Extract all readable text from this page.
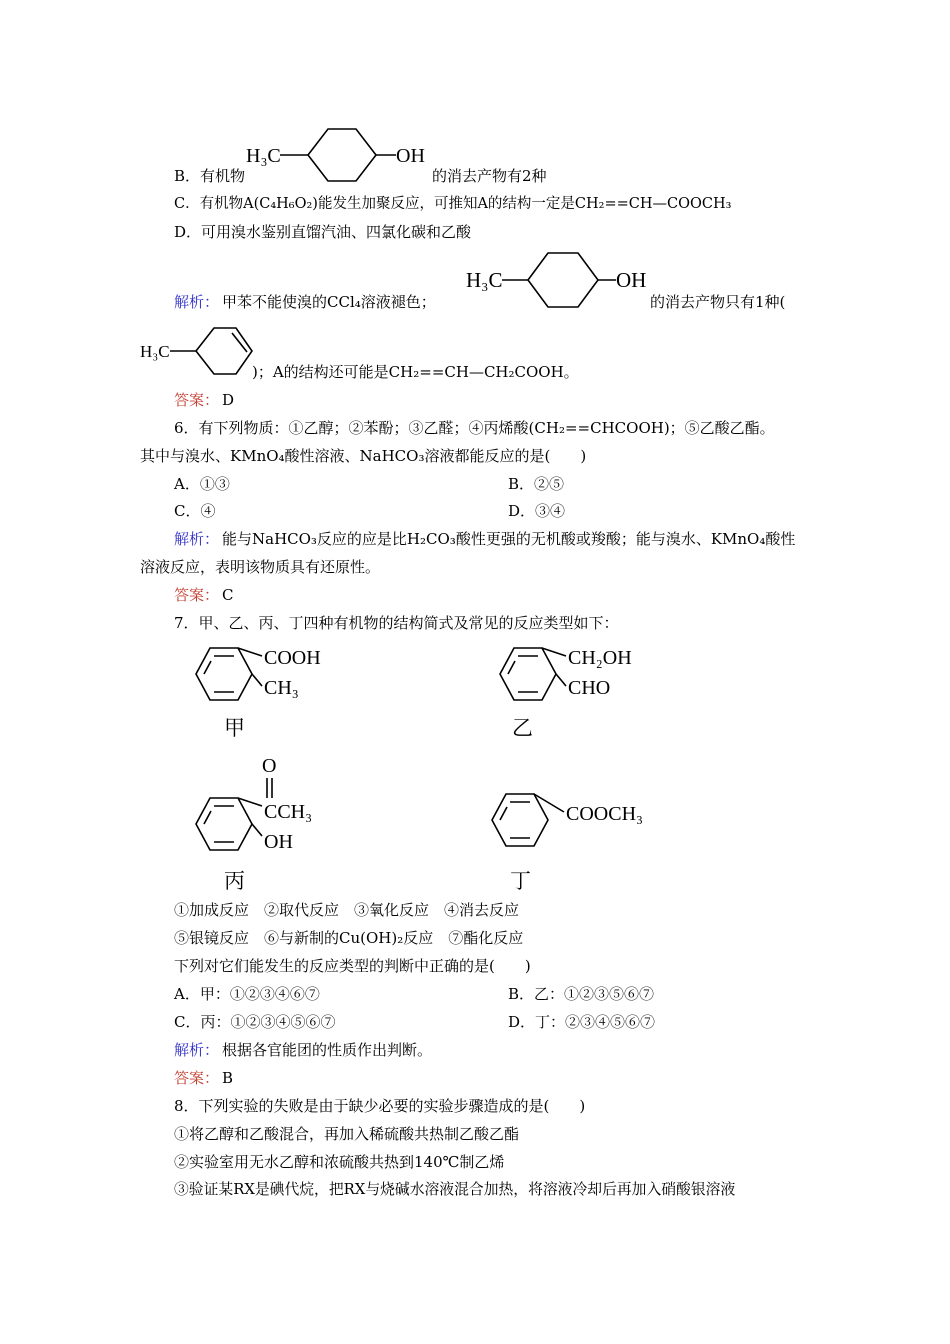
H₃C	OH
B．有机物	的消去产物有2种
C．有机物A(C₄H₆O₂)能发生加聚反应，可推知A的结构一定是CH₂==CH—COOCH₃
D．可用溴水鉴别直馏汽油、四氯化碳和乙酸
解析： 甲苯不能使溴的CCl₄溶液褪色；
H₃C	OH
的消去产物只有1种(
H₃C
)；A的结构还可能是CH₂==CH—CH₂COOH。
答案： D
6．有下列物质：①乙醇；②苯酚；③乙醛；④丙烯酸(CH₂==CHCOOH)；⑤乙酸乙酯。
其中与溴水、KMnO₄酸性溶液、NaHCO₃溶液都能反应的是(　　)
A．①③	B．②⑤
C．④	D．③④
解析： 能与NaHCO₃反应的应是比H₂CO₃酸性更强的无机酸或羧酸；能与溴水、KMnO₄酸性
溶液反应，表明该物质具有还原性。
答案： C
7．甲、乙、丙、丁四种有机物的结构简式及常见的反应类型如下：
COOH
CH₃
甲
CH₂OH
CHO
乙
O
CCH₃
OH
丙
COOCH₃
丁
①加成反应　②取代反应　③氧化反应　④消去反应
⑤银镜反应　⑥与新制的Cu(OH)₂反应　⑦酯化反应
下列对它们能发生的反应类型的判断中正确的是(　　)
A．甲：①②③④⑥⑦	B．乙：①②③⑤⑥⑦
C．丙：①②③④⑤⑥⑦	D．丁：②③④⑤⑥⑦
解析： 根据各官能团的性质作出判断。
答案： B
8．下列实验的失败是由于缺少必要的实验步骤造成的是(　　)
①将乙醇和乙酸混合，再加入稀硫酸共热制乙酸乙酯
②实验室用无水乙醇和浓硫酸共热到140℃制乙烯
③验证某RX是碘代烷，把RX与烧碱水溶液混合加热，将溶液冷却后再加入硝酸银溶液
